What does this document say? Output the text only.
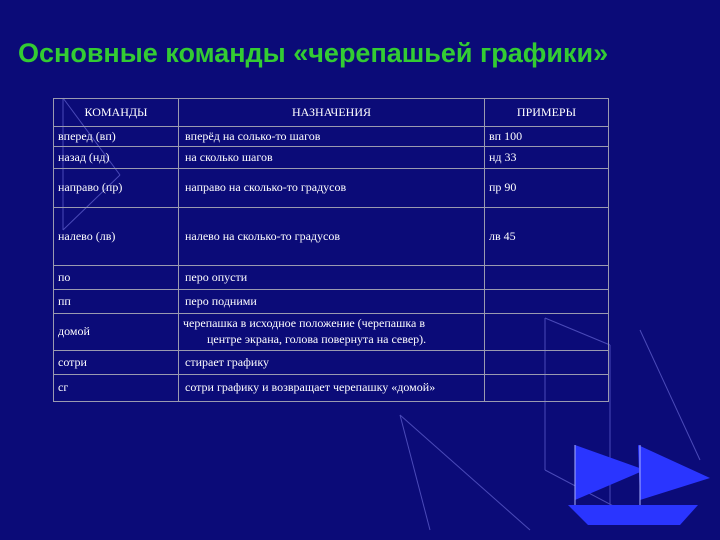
Основные команды «черепашьей графики»
КОМАНДЫ	НАЗНАЧЕНИЯ	ПРИМЕРЫ
вперед (вп)	вперёд на солько-то шагов	вп 100
назад (нд)	на сколько шагов	нд 33
направо (пр)	направо на сколько-то градусов	пр 90
налево (лв)	налево на сколько-то градусов	лв 45
по	перо опусти	
пп	перо подними	
домой	черепашка в исходное положение (черепашка в
центре экрана, голова повернута на север).	

сотри	стирает графику	
сг	сотри графику и возвращает черепашку «домой»	
